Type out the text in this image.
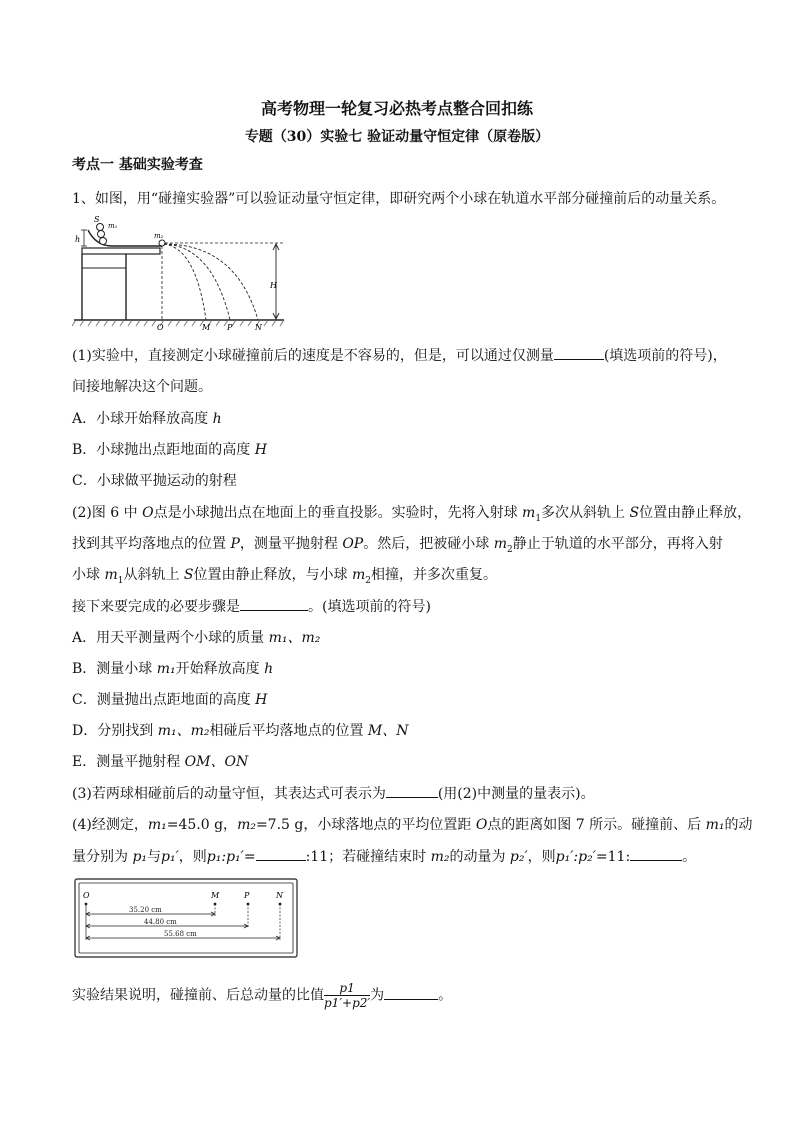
高考物理一轮复习必热考点整合回扣练
专题（30）实验七 验证动量守恒定律（原卷版）
考点一 基础实验考查
1、如图，用“碰撞实验器”可以验证动量守恒定律，即研究两个小球在轨道水平部分碰撞前后的动量关系。
S
m₁
h	m₂
H
O	M P	N
(1)实验中，直接测定小球碰撞前后的速度是不容易的，但是，可以通过仅测量	(填选项前的符号)，
间接地解决这个问题。
A．小球开始释放高度 h
B．小球抛出点距地面的高度 H
C．小球做平抛运动的射程
(2)图 6 中 O点是小球抛出点在地面上的垂直投影。实验时，先将入射球 $m_1$多次从斜轨上 S位置由静止释放，
找到其平均落地点的位置 P，测量平抛射程 OP。然后，把被碰小球 $m_2$静止于轨道的水平部分，再将入射
小球 $m_1$从斜轨上 S位置由静止释放，与小球 $m_2$相撞，并多次重复。
接下来要完成的必要步骤是	。(填选项前的符号)
A．用天平测量两个小球的质量 m₁、m₂
B．测量小球 m₁开始释放高度 h
C．测量抛出点距地面的高度 H
D．分别找到 m₁、m₂相碰后平均落地点的位置 M、N
E．测量平抛射程 OM、ON
(3)若两球相碰前后的动量守恒，其表达式可表示为	(用(2)中测量的量表示)。
(4)经测定，m₁=45.0 g，m₂=7.5 g，小球落地点的平均位置距 O点的距离如图 7 所示。碰撞前、后 m₁的动
量分别为 p₁与p₁′，则p₁:p₁′=	:11；若碰撞结束时 m₂的动量为 p₂′，则p₁′:p₂′=11:	。
O	M	P	N
35.20 cm
44.80 cm
55.68 cm
实验结果说明，碰撞前、后总动量的比值 $\frac{p1}{p1'+p2'}$ 为	。
